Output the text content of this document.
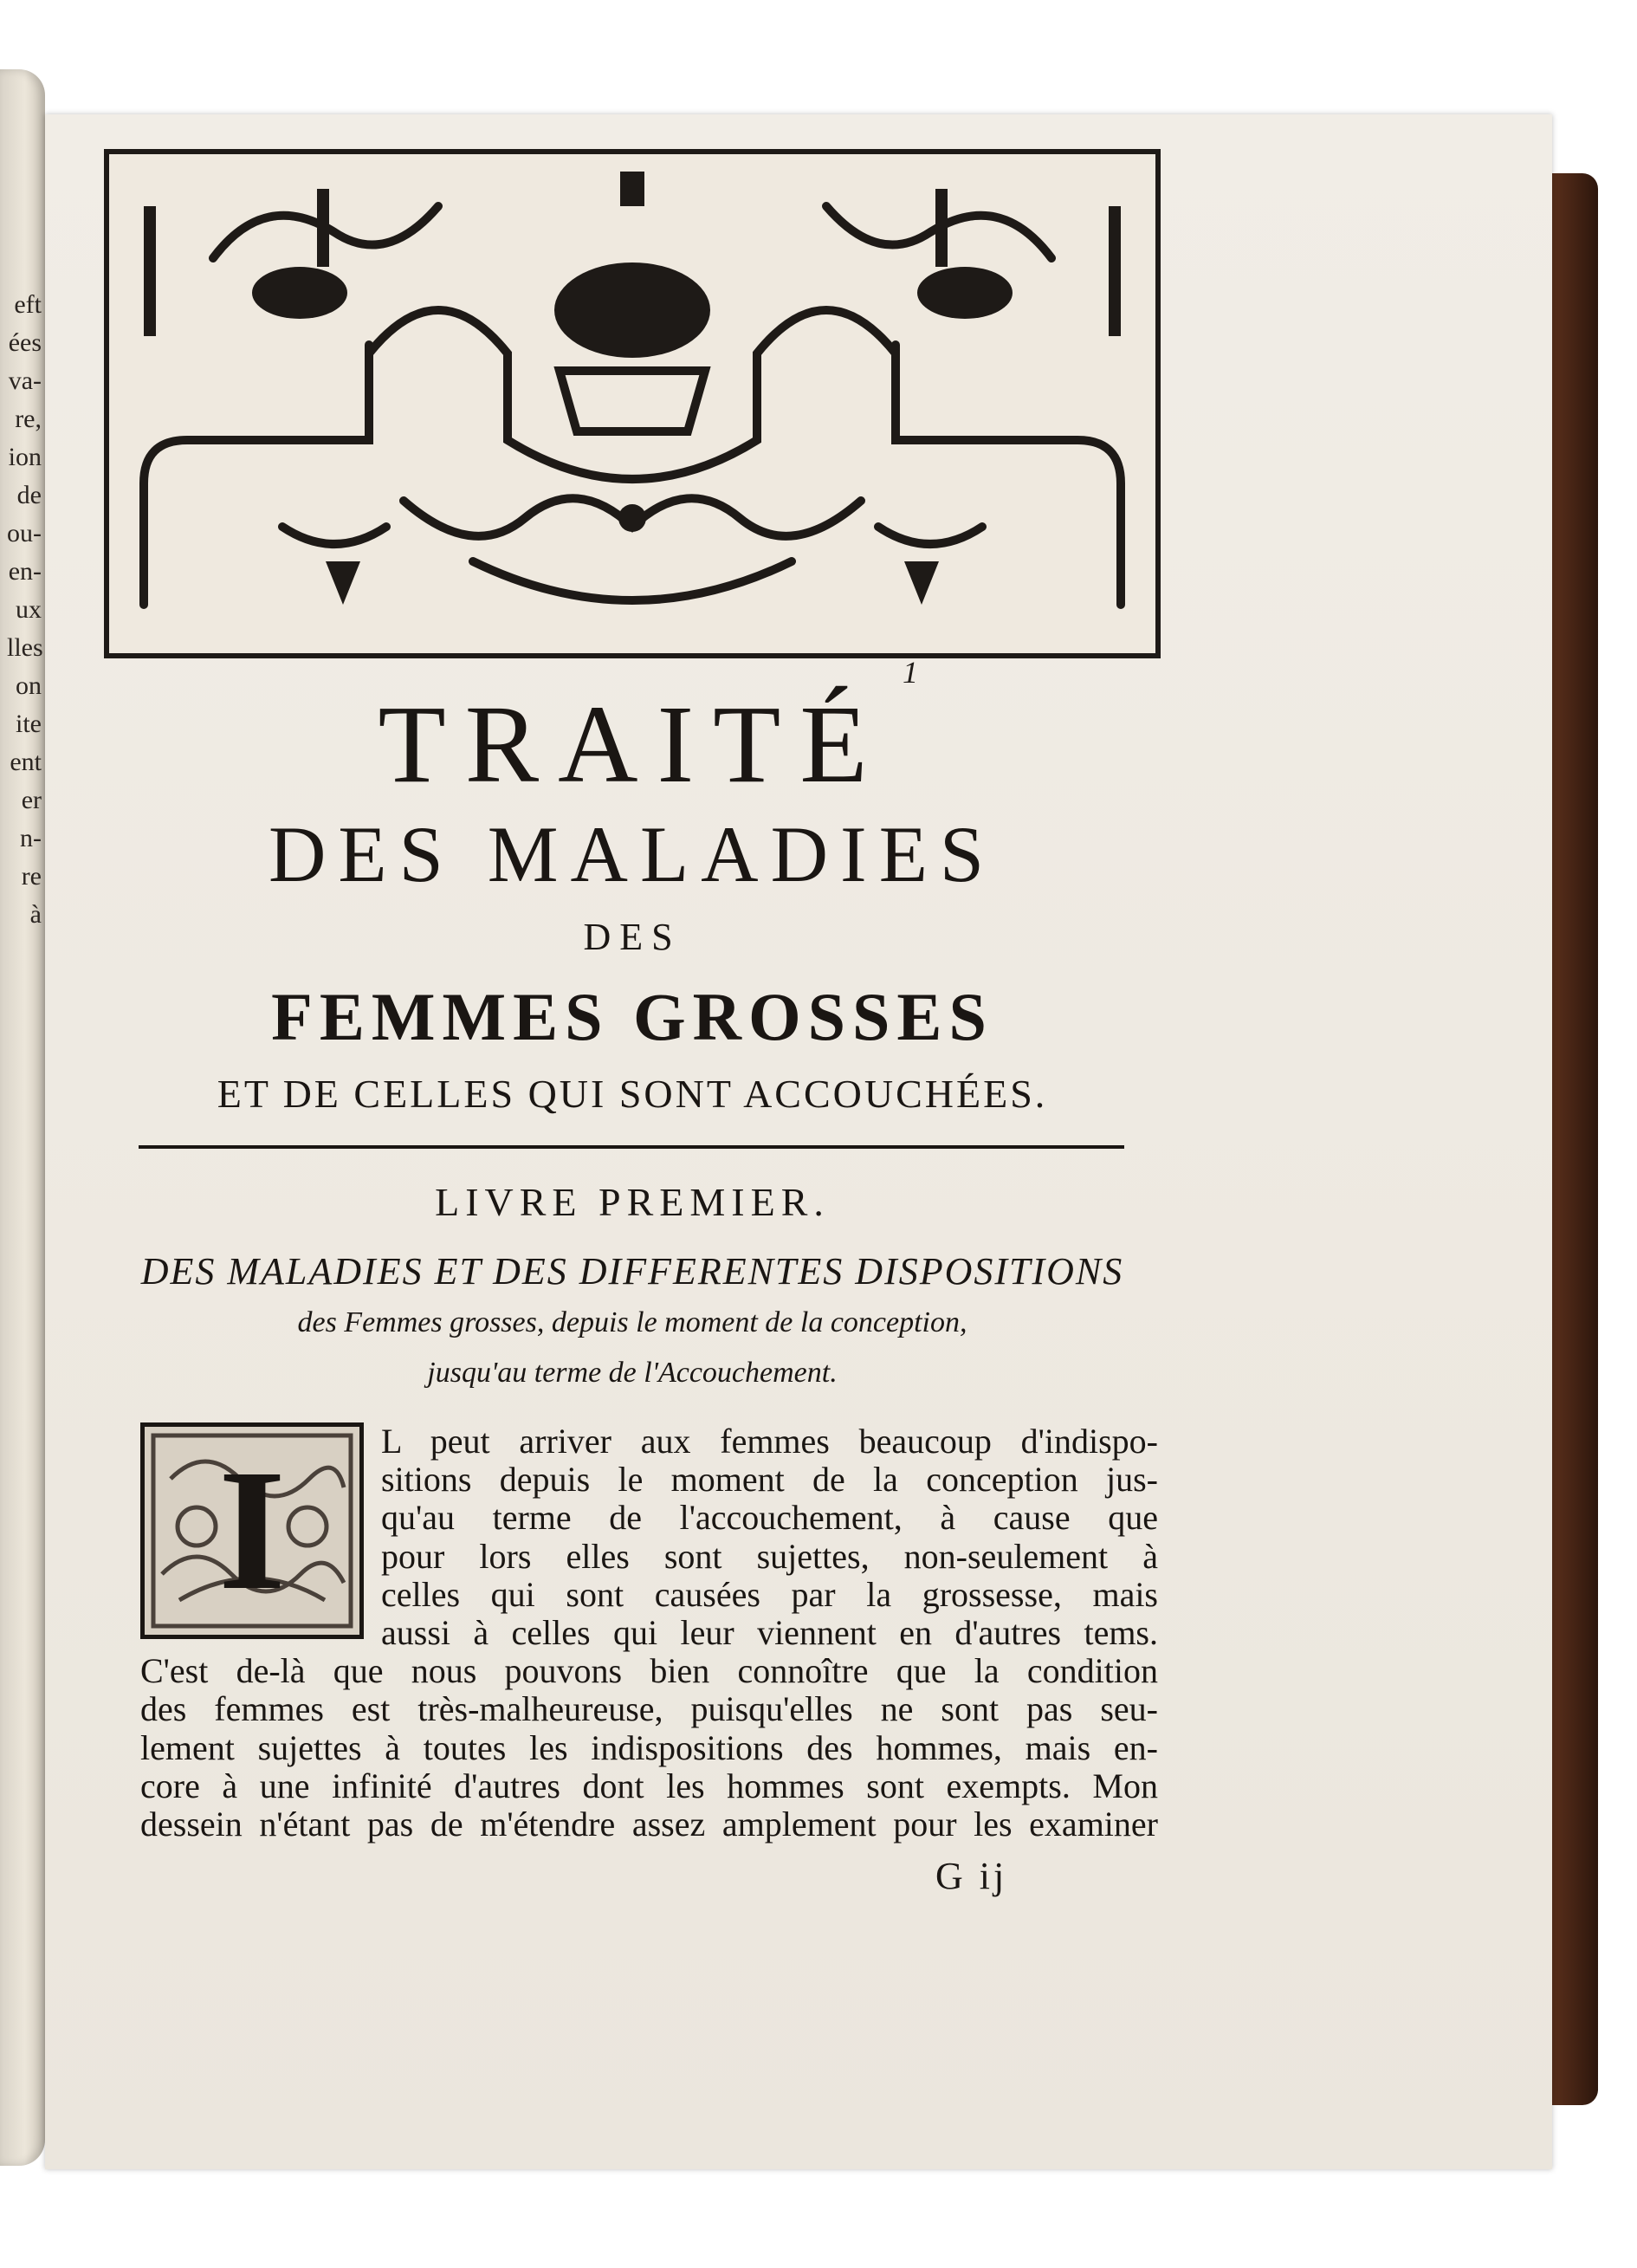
eft
ées
va-
re,
ion
de
ou-
en-
ux
lles
on
ite
ent
er
n-
re
à
1
TRAITÉ
DES MALADIES
DES
FEMMES GROSSES
ET DE CELLES QUI SONT ACCOUCHÉES.
LIVRE PREMIER.
DES MALADIES ET DES DIFFERENTES DISPOSITIONS
des Femmes grosses, depuis le moment de la conception,
jusqu'au terme de l'Accouchement.
L peut arriver aux femmes beaucoup d'indispo-
sitions depuis le moment de la conception jus-
qu'au terme de l'accouchement, à cause que
pour lors elles sont sujettes, non-seulement à
celles qui sont causées par la grossesse, mais
aussi à celles qui leur viennent en d'autres tems.
C'est de-là que nous pouvons bien connoître que la condition
des femmes est très-malheureuse, puisqu'elles ne sont pas seu-
lement sujettes à toutes les indispositions des hommes, mais en-
core à une infinité d'autres dont les hommes sont exempts. Mon
dessein n'étant pas de m'étendre assez amplement pour les examiner
I
G ij
